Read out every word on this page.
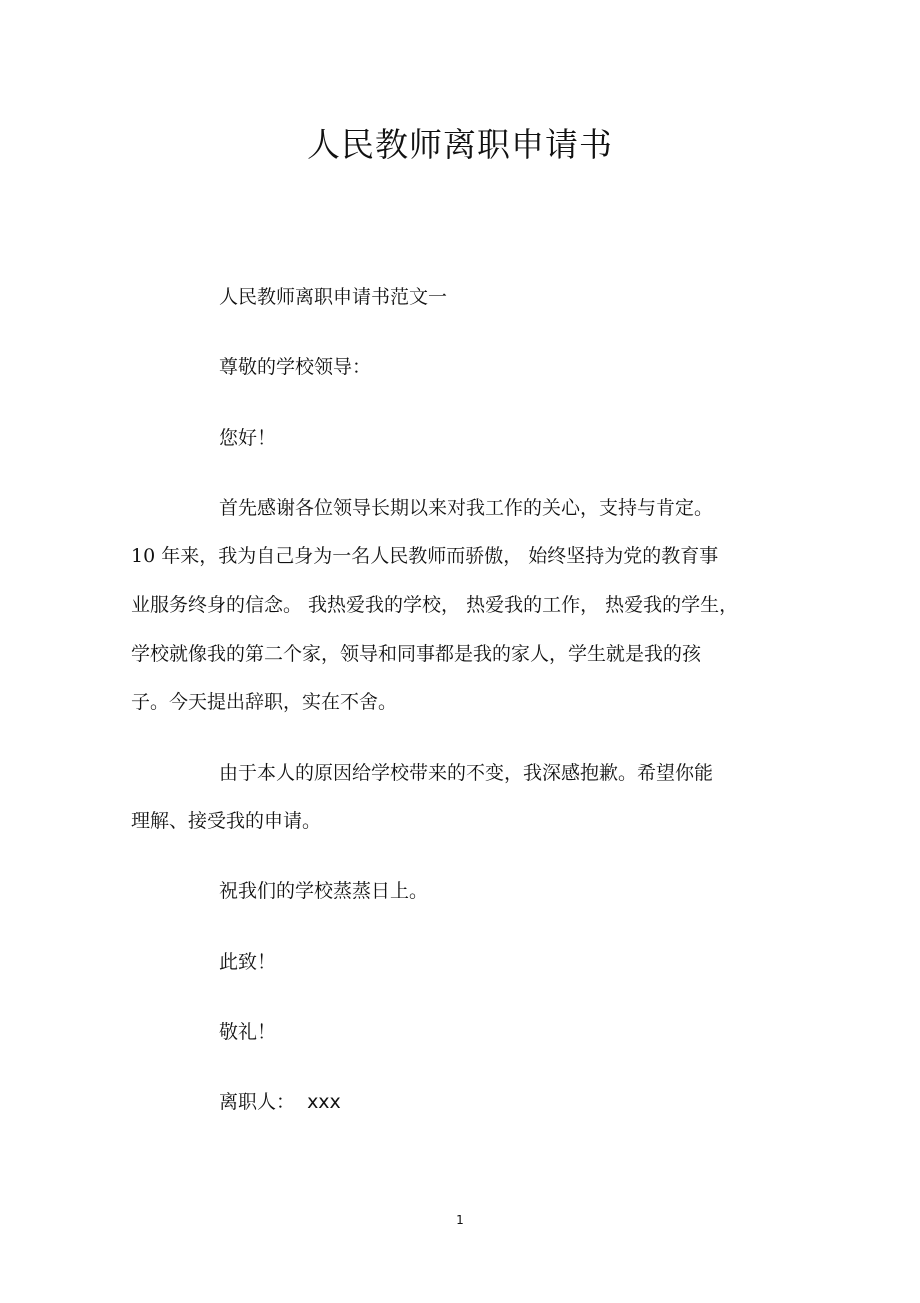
人民教师离职申请书
人民教师离职申请书范文一
尊敬的学校领导：
您好！
首先感谢各位领导长期以来对我工作的关心，支持与肯定。
10 年来，我为自己身为一名人民教师而骄傲， 始终坚持为党的教育事
业服务终身的信念。 我热爱我的学校， 热爱我的工作， 热爱我的学生，
学校就像我的第二个家，领导和同事都是我的家人，学生就是我的孩
子。今天提出辞职，实在不舍。
由于本人的原因给学校带来的不变，我深感抱歉。希望你能
理解、接受我的申请。
祝我们的学校蒸蒸日上。
此致！
敬礼！
离职人： xxx
1
